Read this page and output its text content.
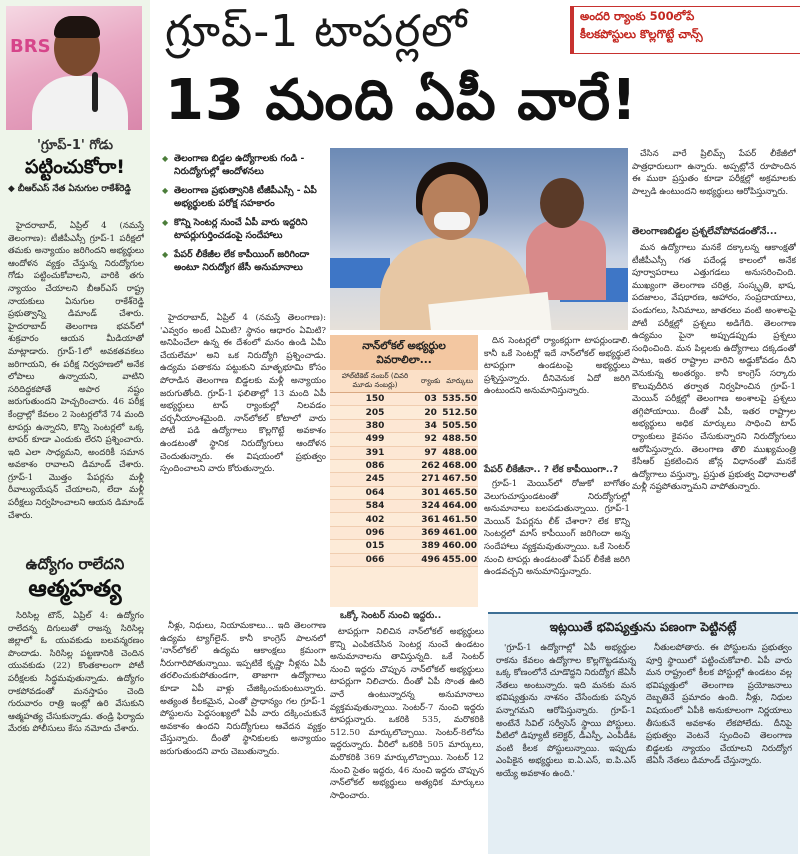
BRS
'గ్రూప్-1' గోడు
పట్టించుకోరా!
◆ బీఆర్‌ఎస్ నేత ఏనుగుల రాకేశ్‌రెడ్డి

హైదరాబాద్, ఏప్రిల్ 4 (నమస్తే తెలంగాణ): టీజీపీఎస్సీ గ్రూప్-1 పరీక్షలో తమకు అన్యాయం జరిగిందని అభ్యర్థులు ఆందోళన వ్యక్తం చేస్తున్న నిరుద్యోగుల గోడు పట్టించుకోవాలని, వారికి తగు న్యాయం చేయాలని బీఆర్‌ఎస్ రాష్ట్ర నాయకులు ఏనుగుల రాకేశ్‌రెడ్డి ప్రభుత్వాన్ని డిమాండ్ చేశారు. హైదరాబాద్ తెలంగాణ భవన్‌లో శుక్రవారం ఆయన మీడియాతో మాట్లాడారు. గ్రూప్-1లో అవకతవకలు జరిగాయని, ఈ పరీక్ష నిర్వహణలో అనేక లోపాలు ఉన్నాయని, వాటిని సరిదిద్దకపోతే అపార నష్టం జరుగుతుందని హెచ్చరించారు. 46 పరీక్ష కేంద్రాల్లో కేవలం 2 సెంటర్లలోనే 74 మంది టాపర్లు ఉన్నారని, కొన్ని సెంటర్లలో ఒక్క టాపర్ కూడా ఎందుకు లేరని ప్రశ్నించారు. ఇది ఎలా సాధ్యమని, అందరికీ సమాన అవకాశం రావాలని డిమాండ్ చేశారు. గ్రూప్-1 మొత్తం పేపర్లను మళ్లీ రీవాల్యుయేషన్ చేయాలని, లేదా మళ్లీ పరీక్షలు నిర్వహించాలని ఆయన డిమాండ్ చేశారు.

ఉద్యోగం రాలేదని
ఆత్మహత్య

సిరిసిల్ల టౌన్, ఏప్రిల్ 4: ఉద్యోగం రాలేదన్న దిగులుతో రాజన్న సిరిసిల్ల జిల్లాలో ఓ యువకుడు బలవన్మరణం పొందాడు. సిరిసిల్ల పట్టణానికి చెందిన యువకుడు (22) కొంతకాలంగా పోటీ పరీక్షలకు సిద్ధమవుతున్నాడు. ఉద్యోగం రాకపోవడంతో మనస్తాపం చెంది గురువారం రాత్రి ఇంట్లో ఉరి వేసుకుని ఆత్మహత్య చేసుకున్నాడు. తండ్రి ఫిర్యాదు మేరకు పోలీసులు కేసు నమోదు చేశారు.

గ్రూప్-1 టాపర్లలో
13 మంది ఏపీ వారే!
అందరి ర్యాంకు 500లోపే
కీలకపోస్టులు కొల్లగొట్టే చాన్స్
◆ తెలంగాణ బిడ్డల ఉద్యోగాలకు గండి - నిరుద్యోగుల్లో ఆందోళనలు
◆ తెలంగాణ ప్రభుత్వానికి టీజీపీఎస్సీ - ఏపీ అభ్యర్థులకు పరోక్ష సహకారం
◆ కొన్ని సెంటర్ల నుంచే ఏపీ వారు ఇద్దరిని టాపర్లుగుర్తించడంపై సందేహాలు
◆ పేపర్ లీకేజీల లేక కాపీయింగ్ జరిగిందా అంటూ నిరుద్యోగ జేసీ అనుమానాలు

చేసిన వారే ప్రిలిమ్స్ పేపర్ లీకేజీలో పాత్రధారులుగా ఉన్నారు. అప్పట్లోనే రూపొందిన ఈ ముఠా ప్రస్తుతం కూడా పరీక్షల్లో అక్రమాలకు పాల్పడి ఉంటుందని అభ్యర్థులు ఆరోపిస్తున్నారు.

తెలంగాణబిడ్డల ప్రశ్నలేవోపోవడంతోనే...

మన ఉద్యోగాలు మనకే దక్కాలన్న ఆకాంక్షతో టీజీపీఎస్సీ గత పదేండ్ల కాలంలో అనేక పూర్వాపరాలు ఎత్తుగడలు అనుసరించింది. ముఖ్యంగా తెలంగాణ చరిత్ర, సంస్కృతి, భాష, పదజాలం, వేషధారణ, ఆహారం, సంప్రదాయాలు, పండుగలు, సినిమాలు, జాతరలు వంటి అంశాలపై పోటీ పరీక్షల్లో ప్రశ్నలు అడిగేది. తెలంగాణ ఉద్యమం పైనా అప్పుడప్పుడు ప్రశ్నలు సంధించింది. మన పిల్లలకు ఉద్యోగాలు దక్కడంతో పాటు, ఇతర రాష్ట్రాల వారిని అడ్డుకోవడం దీని వెనుకున్న అంతర్యం. కానీ కాంగ్రెస్ సర్కారు కొలువుదీరిన తర్వాత నిర్వహించిన గ్రూప్-1 మెయిన్ పరీక్షల్లో తెలంగాణ అంశాలపై ప్రశ్నలు తగ్గిపోయాయి. దీంతో ఏపీ, ఇతర రాష్ట్రాల అభ్యర్థులు అధిక మార్కులు సాధించి టాప్ ర్యాంకులు కైవసం చేసుకున్నారని నిరుద్యోగులు ఆరోపిస్తున్నారు. తెలంగాణ తొలి ముఖ్యమంత్రి కేసీఆర్ ప్రకటించిన జోన్ల విధానంతో మనకే ఉద్యోగాలు వస్తున్నా, ప్రస్తుత ప్రభుత్వ విధానాలతో మళ్లీ నష్టపోతున్నామని వాపోతున్నారు.

హైదరాబాద్, ఏప్రిల్ 4 (నమస్తే తెలంగాణ): 'ఎవ్వరం అంటే ఏమిటి? స్థానం ఆధారం ఏమిటి? అనిపించేలా ఉన్న ఈ దేశంలో మనం ఉండి ఏమీ చేయలేమా' అని ఒక నిరుద్యోగి ప్రశ్నించాడు. ఉద్యమ పతాకను పట్టుకుని మాతృభూమి కోసం పోరాడిన తెలంగాణ బిడ్డలకు మళ్లీ అన్యాయం జరుగుతోంది. గ్రూప్-1 ఫలితాల్లో 13 మంది ఏపీ అభ్యర్థులు టాప్ ర్యాంకుల్లో నిలవడం చర్చనీయాంశమైంది. నాన్‌లోకల్ కోటాలో వారు పోటీ పడి ఉద్యోగాలు కొల్లగొట్టే అవకాశం ఉండటంతో స్థానిక నిరుద్యోగులు ఆందోళన చెందుతున్నారు. ఈ విషయంలో ప్రభుత్వం స్పందించాలని వారు కోరుతున్నారు.

నీళ్లు, నిధులు, నియామకాలు... ఇది తెలంగాణ ఉద్యమ ట్యాగ్‌లైన్. కానీ కాంగ్రెస్ పాలనలో 'నాన్‌లోకల్' ఉద్యమ ఆకాంక్షలు క్రమంగా నీరుగారిపోతున్నాయి. ఇప్పటికే కృష్ణా నీళ్లను ఏపీ తరలించుకుపోతుండగా, తాజాగా ఉద్యోగాలు కూడా ఏపీ వాళ్లు చేజిక్కించుకుంటున్నారు. అత్యంత కీలకమైన, ఎంతో ప్రాధాన్యం గల గ్రూప్-1 పోస్టులను పెద్దసంఖ్యలో ఏపీ వారు దక్కించుకునే అవకాశం ఉందని నిరుద్యోగులు ఆవేదన వ్యక్తం చేస్తున్నారు. దీంతో స్థానికులకు అన్యాయం జరుగుతుందని వారు చెబుతున్నారు.

నాన్‌లోకల్ అభ్యర్థుల
వివరాలిలా...
హాల్‌టికెట్ నంబర్ (చివరి మూడు నంబర్లు)	ర్యాంకు	మార్కులు
150	03	535.50
205	20	512.50
380	34	505.50
499	92	488.50
391	97	488.00
086	262	468.00
245	271	467.50
064	301	465.50
584	324	464.00
402	361	461.50
096	369	461.00
015	389	460.00
066	496	455.00

దిన సెంటర్లలో ర్యాంకర్లుగా టాపర్లుండాలి. కానీ ఒకే సెంటర్లో ఇదే నాన్‌లోకల్ అభ్యర్థులే టాపర్లుగా ఉండటంపై అభ్యర్థులు ప్రశ్నిస్తున్నారు. దీనివెనుక ఏదో జరిగి ఉంటుందని అనుమానిస్తున్నారు.

పేపర్ లీకేజీనా.. ? లేక కాపీయింగా..?

గ్రూప్-1 మెయిన్‌లో రోజుకో బాగోతం వెలుగుచూస్తుండటంతో నిరుద్యోగుల్లో అనుమానాలు బలపడుతున్నాయి. గ్రూప్-1 మెయిన్ పేపర్లను లీక్ చేశారా? లేక కొన్ని సెంటర్లలో మాస్ కాపీయింగ్ జరిగిందా అన్న సందేహాలు వ్యక్తమవుతున్నాయి. ఒకే సెంటర్ నుంచి టాపర్లు ఉండటంతో పేపర్ లీకేజీ జరిగి ఉండవచ్చని అనుమానిస్తున్నారు.

ఒక్కో సెంటర్ నుంచి ఇద్దరు..

టాపర్లుగా నిలిచిన నాన్‌లోకల్ అభ్యర్థులు కొన్ని ఎంపికచేసిన సెంటర్ల నుంచే ఉండటం అనుమానాలను తావిస్తున్నది. ఒకే సెంటర్ నుంచి ఇద్దరు చొప్పున నాన్‌లోకల్ అభ్యర్థులు టాపర్లుగా నిలిచారు. దీంతో ఏపీ సొంత ఊరి వారే ఉంటున్నారన్న అనుమానాలు వ్యక్తమవుతున్నాయి. సెంటర్-7 నుంచి ఇద్దరు టాపర్లున్నారు. ఒకరికి 535, మరొకరికి 512.50 మార్కులొచ్చాయి. సెంటర్-8లోను ఇద్దరున్నారు. వీరిలో ఒకరికి 505 మార్కులు, మరొకరికి 369 మార్కులొచ్చాయి. సెంటర్ 12 నుంచి సైతం ఇద్దరు, 46 నుంచి ఇద్దరు చొప్పున నాన్‌లోకల్ అభ్యర్థులు అత్యధిక మార్కులు సాధించారు.

ఇట్లయితే భవిష్యత్తును పణంగా పెట్టినట్లే

'గ్రూప్-1 ఉద్యోగాల్లో ఏపీ అభ్యర్థుల రాకను కేవలం ఉద్యోగాల కొల్లగొట్టడమన్న ఒక్క కోణంలోనే చూడొద్దని నిరుద్యోగ జేఏసీ నేతలు అంటున్నారు. ఇది మనకు మన భవిష్యత్తును నాశనం చేసేందుకు పన్నిన పన్నాగమని ఆరోపిస్తున్నారు. గ్రూప్-1 అంటేనే సివిల్ సర్వీసెస్ స్థాయి పోస్టులు. వీటిలో డిప్యూటీ కలెక్టర్, డీఎస్పీ, ఎంపీడీఓ వంటి కీలక పోస్టులున్నాయి. ఇప్పుడు ఎంపికైన అభ్యర్థులు ఐ.ఏ.ఎస్, ఐ.పి.ఎస్ అయ్యే అవకాశం ఉంది.'

నీతులపోతారు. ఈ పోస్టులను ప్రభుత్వం పూర్తి స్థాయిలో పట్టించుకోవాలి. ఏపీ వారు మన రాష్ట్రంలో కీలక పోస్టుల్లో ఉండటం వల్ల భవిష్యత్తులో తెలంగాణ ప్రయోజనాలు దెబ్బతినే ప్రమాదం ఉంది. నీళ్లు, నిధుల విషయంలో ఏపీకి అనుకూలంగా నిర్ణయాలు తీసుకునే అవకాశం లేకపోలేదు. దీనిపై ప్రభుత్వం వెంటనే స్పందించి తెలంగాణ బిడ్డలకు న్యాయం చేయాలని నిరుద్యోగ జేఏసీ నేతలు డిమాండ్ చేస్తున్నారు.
